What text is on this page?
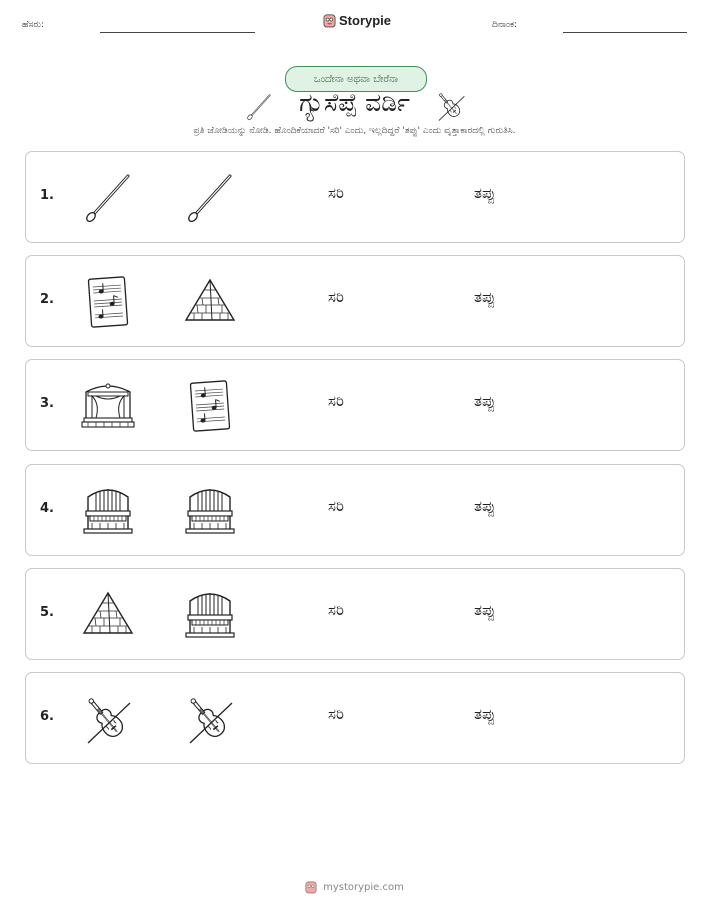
ಹೆಸರು:	Storypie	ದಿನಾಂಕ:
ಒಂದೇನಾ ಅಥವಾ ಬೇರೆನಾ
ಗ್ಯುಸೆಪ್ಪೆ ವರ್ಡಿ
ಪ್ರತಿ ಜೋಡಿಯನ್ನು ನೋಡಿ. ಹೊಂದಿಕೆಯಾದರೆ 'ಸರಿ' ಎಂದು, ಇಲ್ಲದಿದ್ದರೆ 'ತಪ್ಪು' ಎಂದು ವೃತ್ತಾಕಾರದಲ್ಲಿ ಗುರುತಿಸಿ.
1.	ಸರಿ	ತಪ್ಪು
2.	ಸರಿ	ತಪ್ಪು
3.	ಸರಿ	ತಪ್ಪು
4.	ಸರಿ	ತಪ್ಪು
5.	ಸರಿ	ತಪ್ಪು
6.	ಸರಿ	ತಪ್ಪು
mystorypie.com
